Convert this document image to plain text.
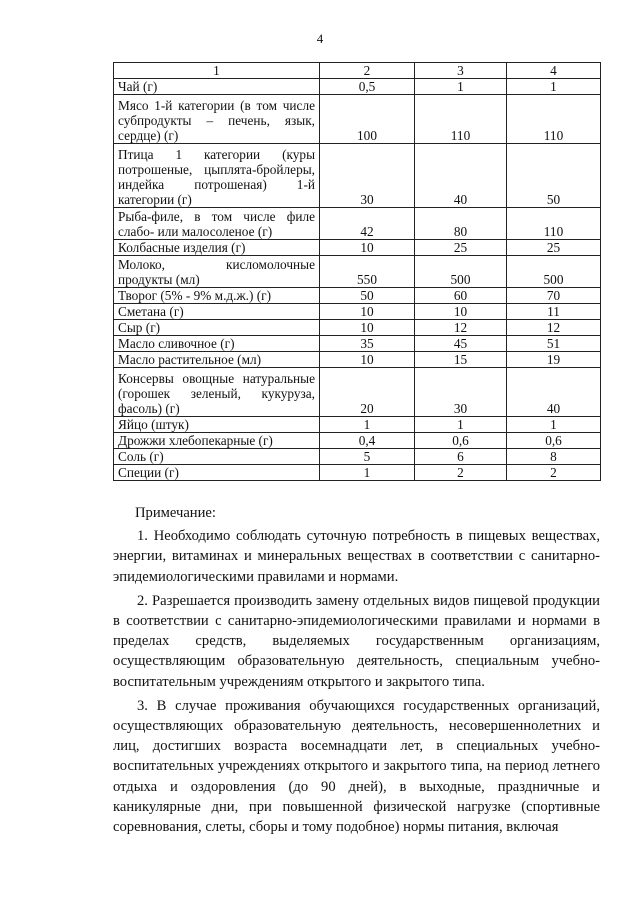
4
1	2	3	4
Чай (г)	0,5	1	1
Мясо 1-й категории (в том числе субпродукты – печень, язык, сердце) (г)	100	110	110
Птица 1 категории (куры потрошеные, цыплята-бройлеры, индейка потрошеная) 1-й категории (г)	30	40	50
Рыба-филе, в том числе филе слабо- или малосоленое (г)	42	80	110
Колбасные изделия (г)	10	25	25
Молоко, кисломолочные продукты (мл)	550	500	500
Творог (5% - 9% м.д.ж.) (г)	50	60	70
Сметана (г)	10	10	11
Сыр (г)	10	12	12
Масло сливочное (г)	35	45	51
Масло растительное (мл)	10	15	19
Консервы овощные натуральные (горошек зеленый, кукуруза, фасоль) (г)	20	30	40
Яйцо (штук)	1	1	1
Дрожжи хлебопекарные (г)	0,4	0,6	0,6
Соль (г)	5	6	8
Специи (г)	1	2	2

Примечание:

1. Необходимо соблюдать суточную потребность в пищевых веществах, энергии, витаминах и минеральных веществах в соответствии с санитарно-эпидемиологическими правилами и нормами.

2. Разрешается производить замену отдельных видов пищевой продукции в соответствии с санитарно-эпидемиологическими правилами и нормами в пределах средств, выделяемых государственным организациям, осуществляющим образовательную деятельность, специальным учебно-воспитательным учреждениям открытого и закрытого типа.

3. В случае проживания обучающихся государственных организаций, осуществляющих образовательную деятельность, несовершеннолетних и лиц, достигших возраста восемнадцати лет, в специальных учебно-воспитательных учреждениях открытого и закрытого типа, на период летнего отдыха и оздоровления (до 90 дней), в выходные, праздничные и каникулярные дни, при повышенной физической нагрузке (спортивные соревнования, слеты, сборы и тому подобное) нормы питания, включая
